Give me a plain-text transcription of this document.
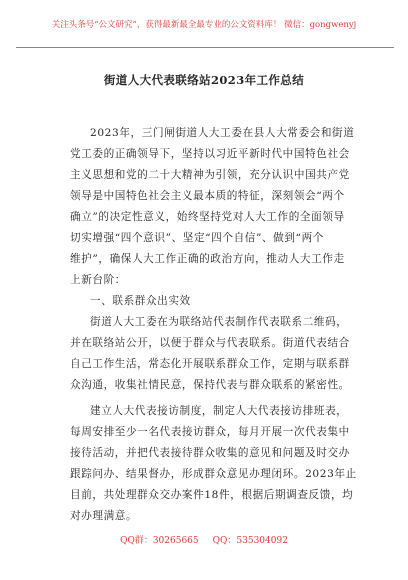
关注头条号“公文研究”，获得最新最全最专业的公文资料库！ 微信：gongwenyj
街道人大代表联络站2023年工作总结
2023年，三门闸街道人大工委在县人大常委会和街道
党工委的正确领导下，坚持以习近平新时代中国特色社会
主义思想和党的二十大精神为引领，充分认识中国共产党
领导是中国特色社会主义最本质的特征，深刻领会“两个
确立”的决定性意义，始终坚持党对人大工作的全面领导
切实增强“四个意识”、坚定“四个自信”、做到“两个
维护”，确保人大工作正确的政治方向，推动人大工作走
上新台阶：
一、联系群众出实效
街道人大工委在为联络站代表制作代表联系二维码，
并在联络站公开，以便于群众与代表联系。街道代表结合
自己工作生活，常态化开展联系群众工作，定期与联系群
众沟通，收集社情民意，保持代表与群众联系的紧密性。
建立人大代表接访制度，制定人大代表接访排班表，
每周安排至少一名代表接访群众，每月开展一次代表集中
接待活动，并把代表接待群众收集的意见和问题及时交办
跟踪问办、结果督办，形成群众意见办理闭环。2023年止
目前，共处理群众交办案件18件，根据后期调查反馈，均
对办理满意。
QQ群：30265665 QQ：535304092
